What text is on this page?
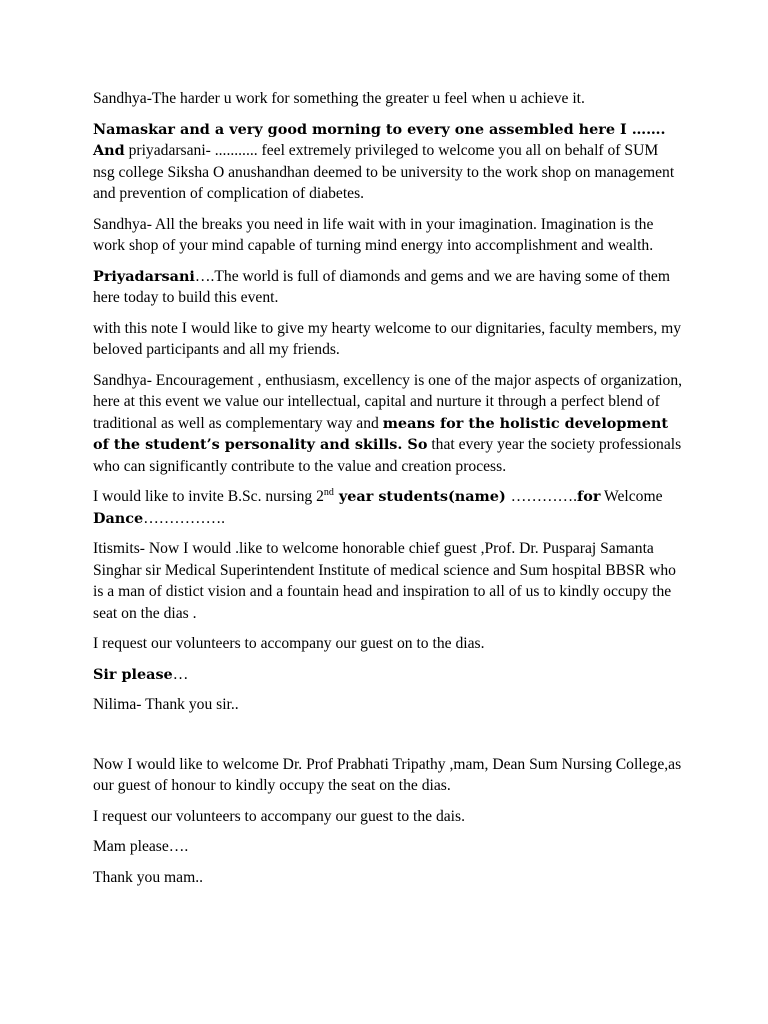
Sandhya-The harder u work for something the greater u feel when u achieve it.

Namaskar and a very good morning to every one assembled here I ……. And priyadarsani- ........... feel extremely privileged to welcome you all on behalf of SUM nsg college Siksha O anushandhan deemed to be university to the work shop on management and prevention of complication of diabetes.

Sandhya- All the breaks you need in life wait with in your imagination. Imagination is the work shop of your mind capable of turning mind energy into accomplishment and wealth.

Priyadarsani….The world is full of diamonds and gems and we are having some of them here today to build this event.

with this note I would like to give my hearty welcome to our dignitaries, faculty members, my beloved participants and all my friends.

Sandhya- Encouragement , enthusiasm, excellency is one of the major aspects of organization, here at this event we value our intellectual, capital and nurture it through a perfect blend of traditional as well as complementary way and means for the holistic development of the student’s personality and skills. So that every year the society professionals who can significantly contribute to the value and creation process.

I would like to invite B.Sc. nursing 2nd year students(name) ………….for Welcome Dance…………….

Itismits- Now I would .like to welcome honorable chief guest ,Prof. Dr. Pusparaj Samanta Singhar sir Medical Superintendent Institute of medical science and Sum hospital BBSR who is a man of distict vision and a fountain head and inspiration to all of us to kindly occupy the seat on the dias .

I request our volunteers to accompany our guest on to the dias.

Sir please…

Nilima- Thank you sir..

Now I would like to welcome Dr. Prof Prabhati Tripathy ,mam, Dean Sum Nursing College,as our guest of honour to kindly occupy the seat on the dias.

I request our volunteers to accompany our guest to the dais.

Mam please….

Thank you mam..
